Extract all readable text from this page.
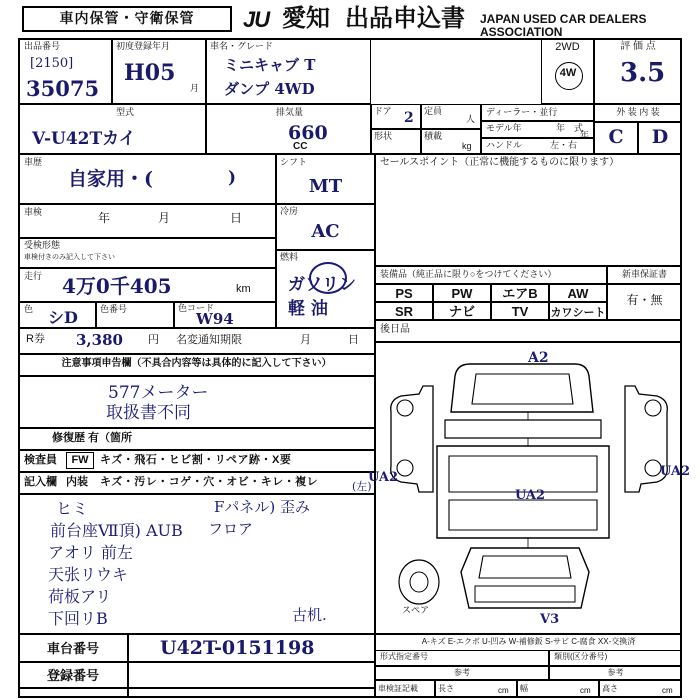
車内保管・守衛保管	JU 愛知 出品申込書 JAPAN USED CAR DEALERS ASSOCIATION
出品番号
[2150]
35075
初度登録年月
H05
月
車名・グレード
ミニキャブ T
ダンプ 4WD
2WD
4W
評 価 点
3.5
型式
V-U42Tカイ
排気量
660
CC
ドア 2 定員
人
形状	積載
kg
ディーラー・並行
モデル年	年　式
年
ハンドル	左・右
外 装 内 装
C	D
車歴
自家用・(	)
車検	年	月	日
受検形態
車検付きのみ記入して下さい
走行 4万0千405	km
色 シD 色番号	色コード
W94
R券 3,380 円 名変通知期限	月	日
シフト
MT
冷房
AC
燃料
ガソリン
軽 油
セールスポイント（正常に機能するものに限ります）
装備品（純正品に限り○をつけてください）
PS	PW	エアB	AW
SR	ナビ	TV	カワシート
新車保証書
有・無
後日品
注意事項申告欄（不具合内容等は具体的に記入して下さい）
577メーター
取扱書不同
修復歴 有（箇所
検査員	FW	キズ・飛石・ヒビ割・リペア跡・X要
記入欄 内装 キズ・汚レ・コゲ・穴・オビ・キレ・複レ	(左)
ヒミ
前台座Ⅶ頂) AUB
アオリ 前左
天张リウキ
荷板アリ
下回リB
Fパネル) 歪み
フロア
古机.
車台番号	U42T-0151198
登録番号
A2
UA2
UA2
UA2
スペア
V3
A-キズ E-エクボ U-凹み W-補修鈑 S-サビ C-腐食 XX-交換済
形式指定番号	類別(区分番号)
参考	参考
車検証記載	長さ	cm 幅	cm 高さ	cm
